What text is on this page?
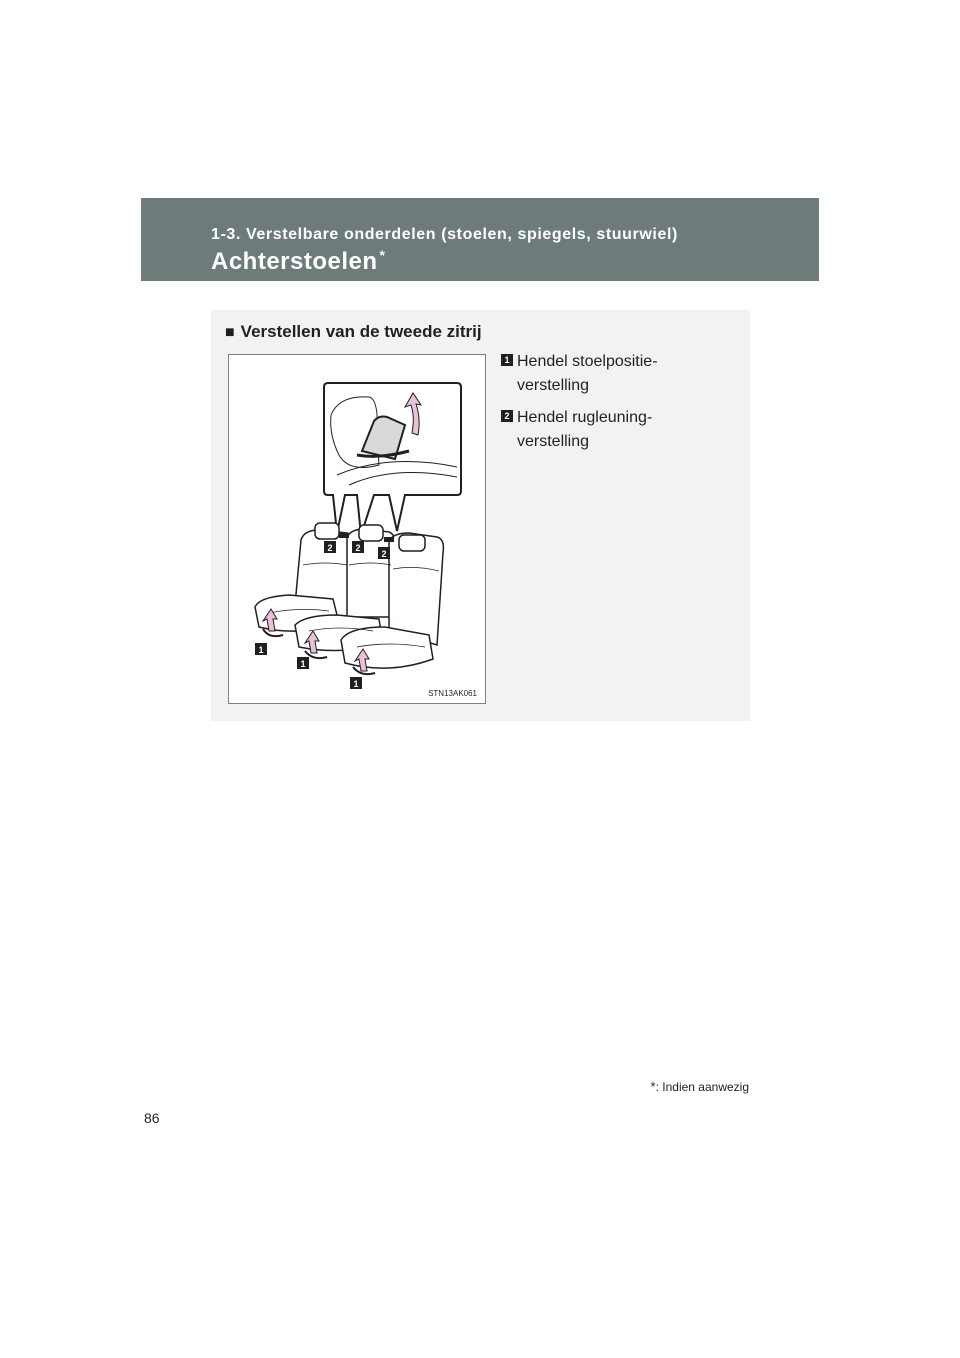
1-3. Verstelbare onderdelen (stoelen, spiegels, stuurwiel)
Achterstoelen *
■ Verstellen van de tweede zitrij
2	2
2
1
1
1
STN13AK061
1 Hendel stoelpositie-verstelling
2 Hendel rugleuning-verstelling
*: Indien aanwezig
86
